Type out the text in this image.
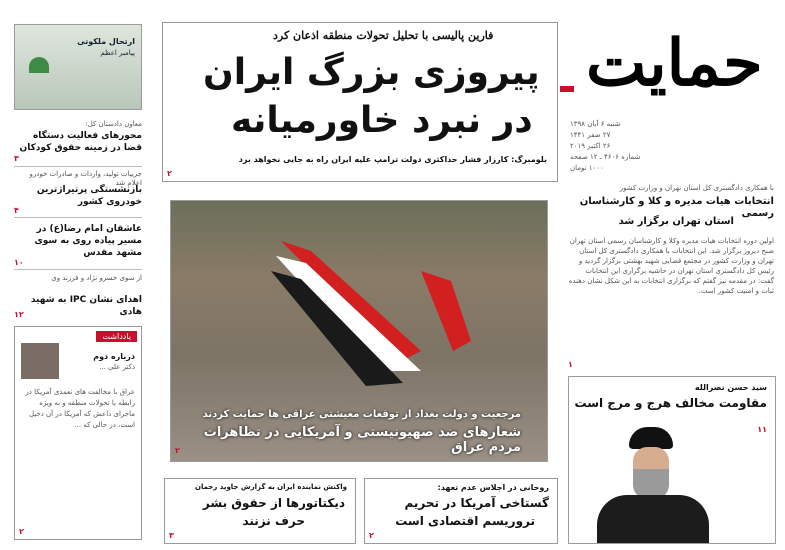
ارتحال ملکوتی
پیامبر اعظم
معاون دادستان کل:
محورهای فعالیت دستگاه قضا در زمینه حقوق کودکان
۳
جزییات تولید، واردات و صادرات خودرو اعلام شد
بازنشستگی پرتیراژترین خودروی کشور
۴
عاشقان امام رضا(ع) در مسیر پیاده روی به سوی مشهد مقدس
۱۰
از سوی خسرو نژاد و فرزند وی
اهدای نشان IPC به شهید هادی
۱۲
یادداشت
درباره دوم
دکتر علی ...
عراق با مخالفت های تعمدی آمریکا در رابطه با تحولات منطقه و به ویژه ماجرای داعش که آمریکا در آن دخیل است، در حالی که ...
۲
فارین پالیسی با تحلیل تحولات منطقه اذعان کرد
پیروزی بزرگ ایران
در نبرد خاورمیانه
بلومبرگ: کارزار فشار حداکثری دولت ترامپ علیه ایران راه به جایی نخواهد برد
۲
مرجعیت و دولت بغداد از توقعات معیشتی عراقی ها حمایت کردند
شعارهای ضد صهیونیستی و آمریکایی در تظاهرات مردم عراق
۲
حمایت
شنبه ۶ آبان ۱۳۹۸
۲۷ صفر ۱۴۴۱
۲۶ اکتبر ۲۰۱۹
شماره ۴۶۰۶ ـ ۱۲ صفحه
۱۰۰۰ تومان
با همکاری دادگستری کل استان تهران و وزارت کشور
انتخابات هیات مدیره و کلا و کارشناسان رسمی
استان تهران برگزار شد
اولین دوره انتخابات هیات مدیره وکلا و کارشناسان رسمی استان تهران صبح دیروز برگزار شد. این انتخابات با همکاری دادگستری کل استان تهران و وزارت کشور در مجتمع قضایی شهید بهشتی برگزار گردید و رئیس کل دادگستری استان تهران در حاشیه برگزاری این انتخابات گفت: در مقدمه نیز گفتم که برگزاری انتخابات به این شکل نشان دهنده ثبات و امنیت کشور است.
۱
سید حسن نصرالله
مقاومت مخالف هرج و مرج است
۱۱
روحانی در اجلاس عدم تعهد:
گستاخی آمریکا در تحریم
تروریسم اقتصادی است
۲
واکنش نماینده ایران به گزارش جاوید رحمان
دیکتاتورها از حقوق بشر
حرف نزنند
۳
